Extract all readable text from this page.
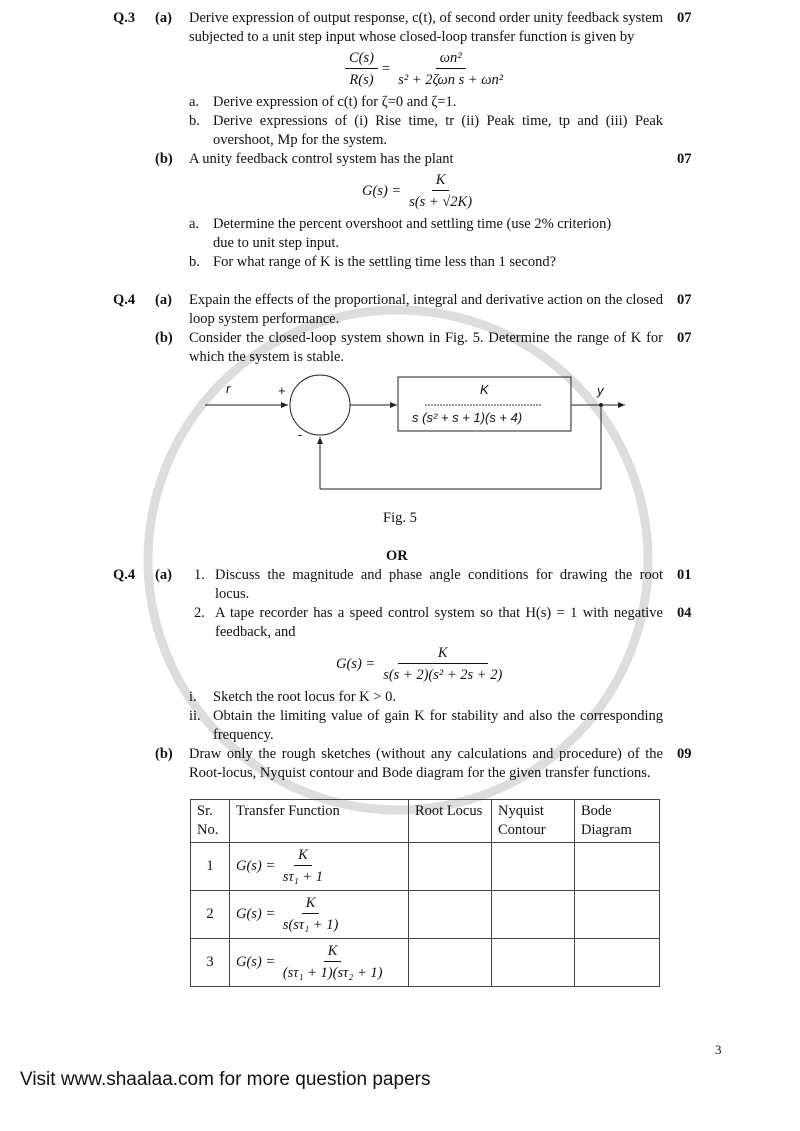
Q.3	(a)	Derive expression of output response, c(t), of second order unity feedback system subjected to a unit step input whose closed-loop transfer function is given by
07
$\frac{C(s)}{R(s)} = \frac{\text{ωn²}}{\text{s² + 2ζωn s + ωn²}}$
a. Derive expression of c(t) for ζ=0 and ζ=1.
b. Derive expressions of (i) Rise time, tr (ii) Peak time, tp and (iii) Peak overshoot, Mp for the system.
(b)	A unity feedback control system has the plant	07
$G(s) = \frac{K}{s(s + √2K)}$
a. Determine the percent overshoot and settling time (use 2% criterion) due to unit step input.
b. For what range of K is the settling time less than 1 second?
Q.4	(a)	Expain the effects of the proportional, integral and derivative action on the closed loop system performance.
07
(b)	Consider the closed-loop system shown in Fig. 5. Determine the range of K for which the system is stable.
07
r	+
-
y
K
s (s² + s + 1)(s + 4)
Fig. 5
OR
Q.4	(a)	1. Discuss the magnitude and phase angle conditions for drawing the root locus.
01
2. A tape recorder has a speed control system so that H(s) = 1 with negative feedback, and
04
$G(s) = \frac{K}{\text{s(s + 2)(s² + 2s + 2)}}$
i.	Sketch the root locus for K > 0.
ii. Obtain the limiting value of gain K for stability and also the corresponding frequency.
(b)	Draw only the rough sketches (without any calculations and procedure) of the Root-locus, Nyquist contour and Bode diagram for the given transfer functions.
09
Sr. No.	Transfer Function	Root Locus	Nyquist Contour	Bode Diagram
1	$G(s) = \frac{K}{\text{sτ₁ + 1}}$

2	$G(s) = \frac{K}{\text{s(sτ₁ + 1)}}$

3	$G(s) = \frac{K}{\text{(sτ₁ + 1)(sτ₂ + 1)}}$

3
Visit www.shaalaa.com for more question papers
